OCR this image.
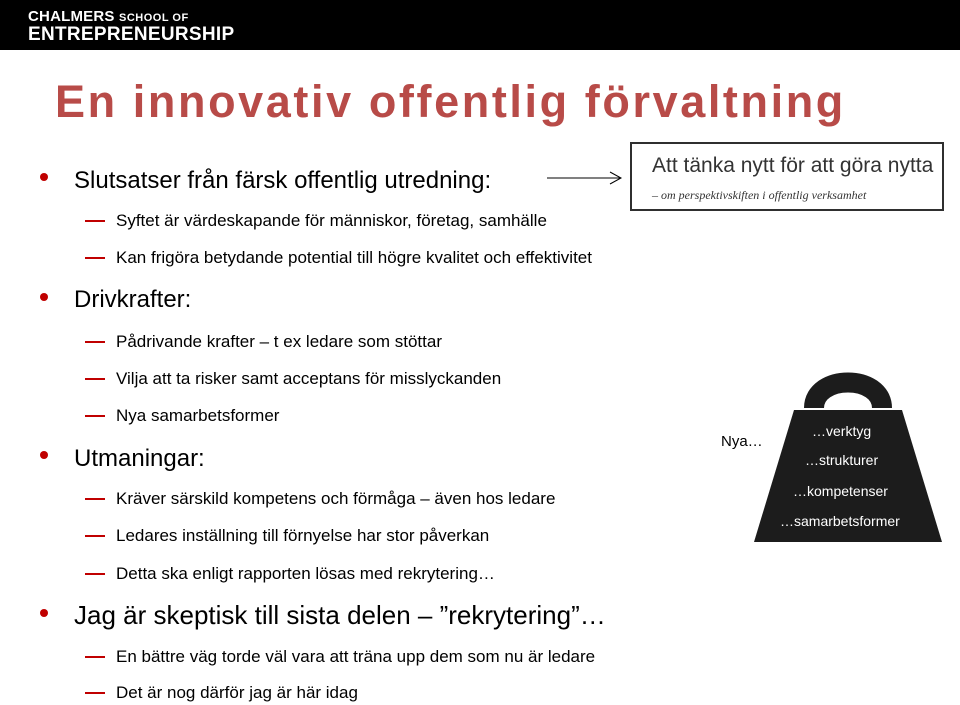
CHALMERS SCHOOL OF
ENTREPRENEURSHIP
En innovativ offentlig förvaltning
Slutsatser från färsk offentlig utredning:
Syftet är värdeskapande för människor, företag, samhälle
Kan frigöra betydande potential till högre kvalitet och effektivitet
Drivkrafter:
Pådrivande krafter – t ex ledare som stöttar
Vilja att ta risker samt acceptans för misslyckanden
Nya samarbetsformer
Utmaningar:
Kräver särskild kompetens och förmåga – även hos ledare
Ledares inställning till förnyelse har stor påverkan
Detta ska enligt rapporten lösas med rekrytering…
Jag är skeptisk till sista delen – ”rekrytering”…
En bättre väg torde väl vara att träna upp dem som nu är ledare
Det är nog därför jag är här idag
Att tänka nytt för att göra nytta
– om perspektivskiften i offentlig verksamhet
Nya…
…verktyg
…strukturer
…kompetenser
…samarbetsformer
